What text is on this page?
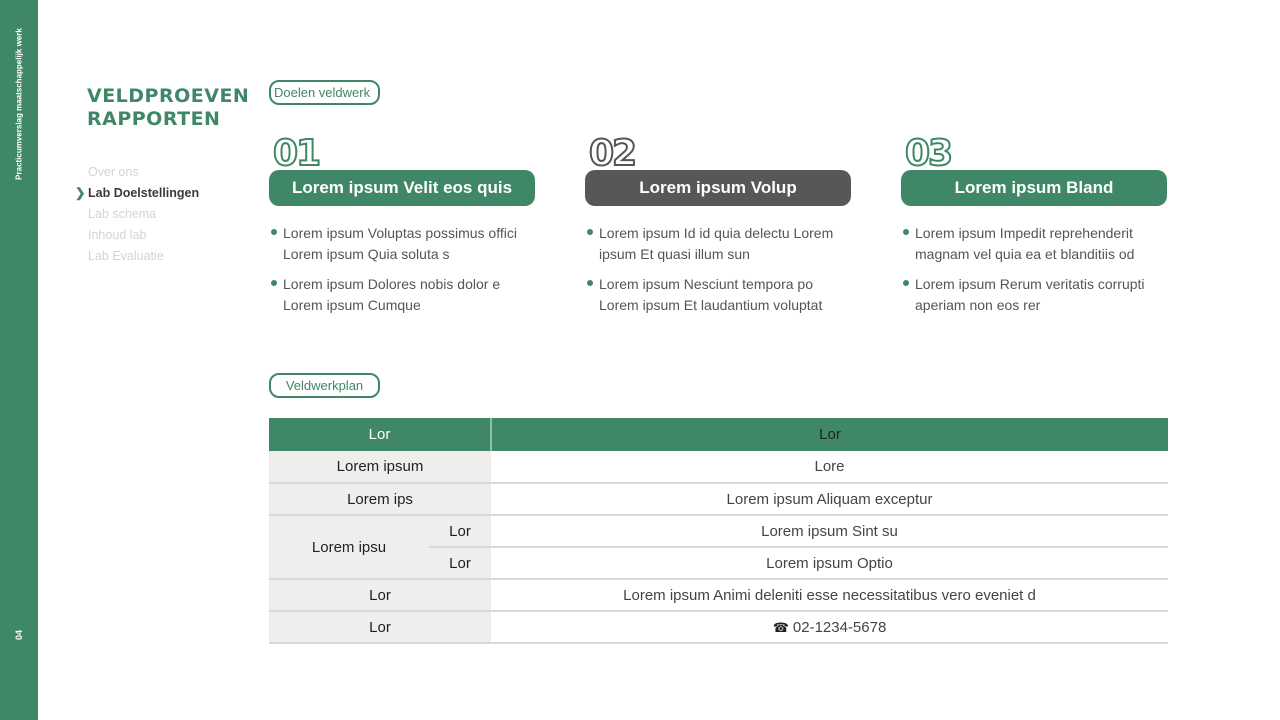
Practicumverslag maatschappelijk werk
04
VELDPROEVEN
RAPPORTEN
Over ons
❯ Lab Doelstellingen
Lab schema
Inhoud lab
Lab Evaluatie
Doelen veldwerk
01
Lorem ipsum Velit eos quis
Lorem ipsum Voluptas possimus offici Lorem ipsum Quia soluta s
Lorem ipsum Dolores nobis dolor e Lorem ipsum Cumque
02
Lorem ipsum Volup
Lorem ipsum Id id quia delectu Lorem ipsum Et quasi illum sun
Lorem ipsum Nesciunt tempora po Lorem ipsum Et laudantium voluptat
03
Lorem ipsum Bland
Lorem ipsum Impedit reprehenderit magnam vel quia ea et blanditiis od
Lorem ipsum Rerum veritatis corrupti aperiam non eos rer
Veldwerkplan
Lor		Lor
Lorem ipsum		Lore
Lorem ips		Lorem ipsum Aliquam exceptur
Lorem ipsu	Lor	Lorem ipsum Sint su
	Lor	Lorem ipsum Optio
Lor		Lorem ipsum Animi deleniti esse necessitatibus vero eveniet d
Lor		☎ 02-1234-5678
